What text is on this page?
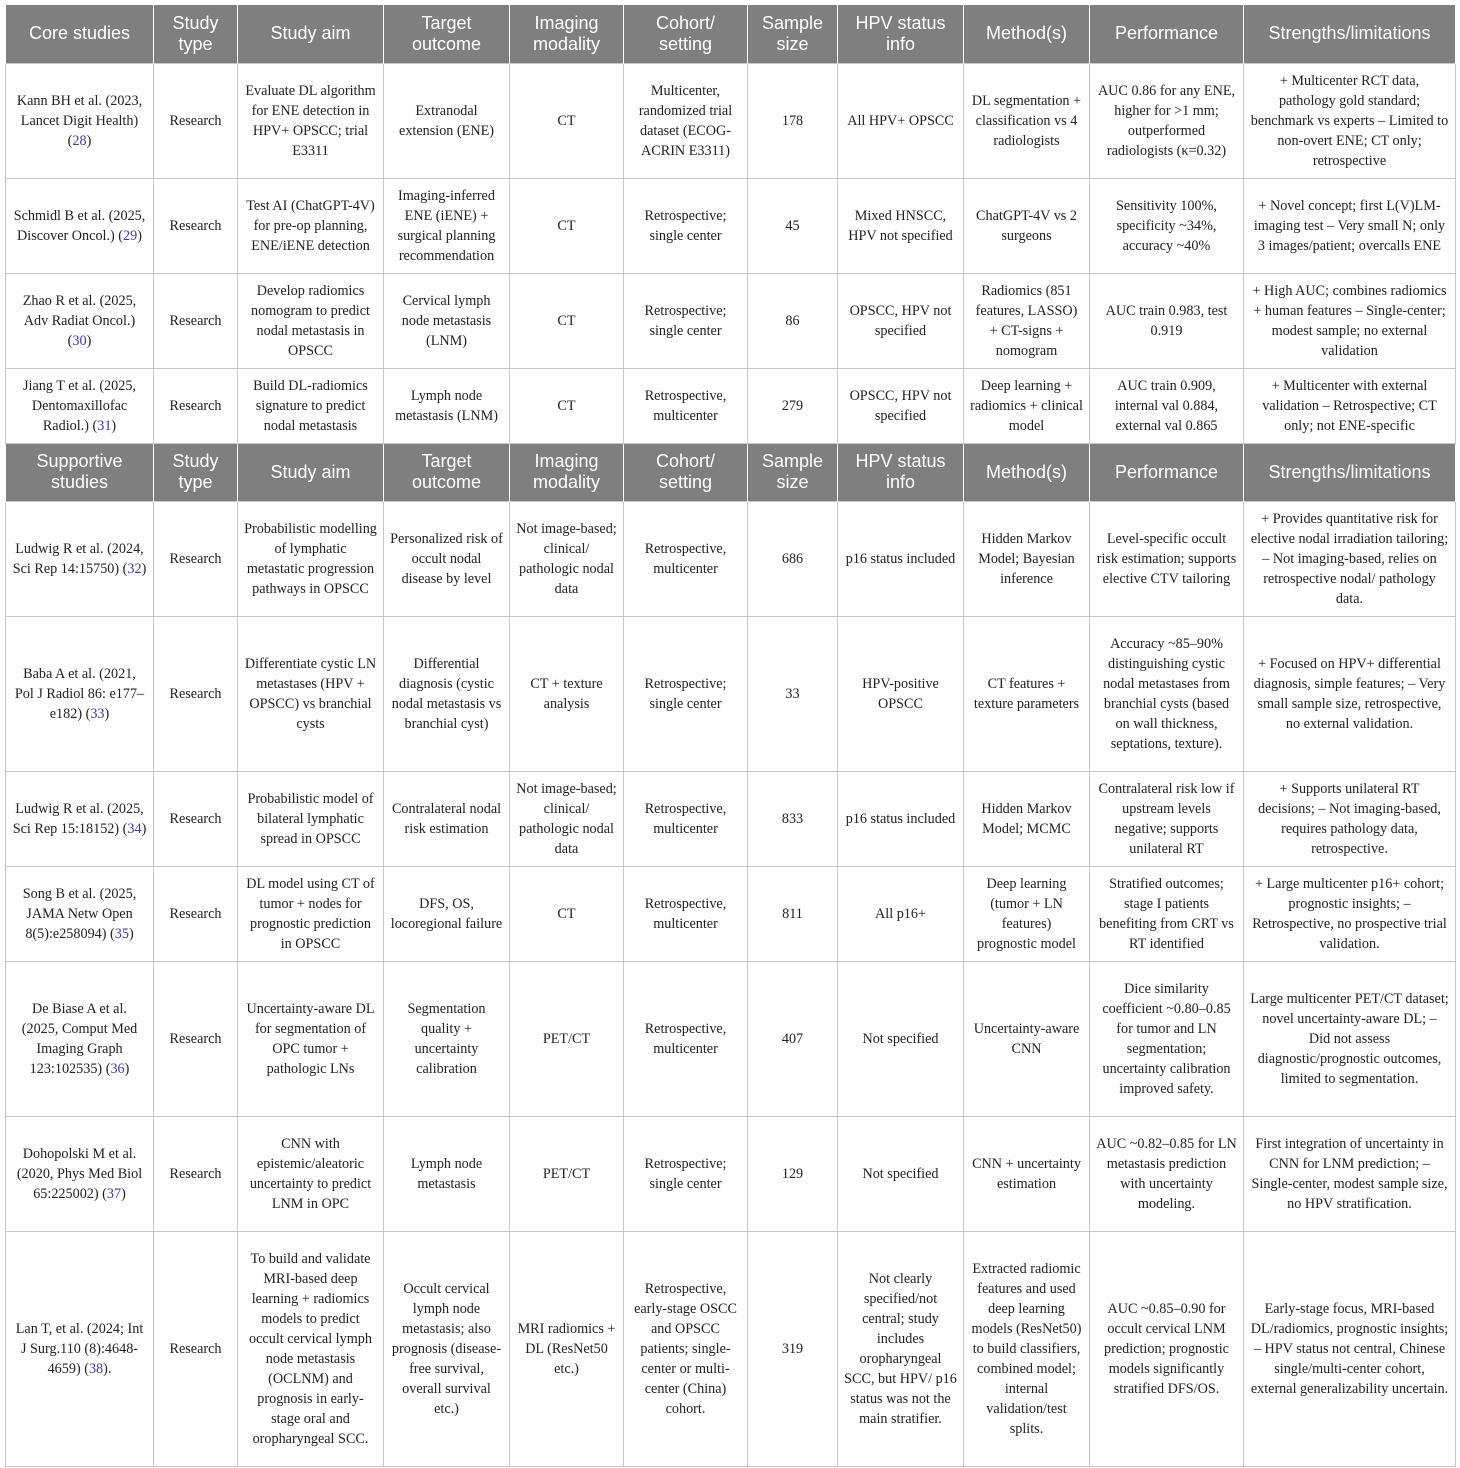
Core studies	Study type	Study aim	Target outcome	Imaging modality	Cohort/ setting	Sample size	HPV status info	Method(s)	Performance	Strengths/limitations
Kann BH et al. (2023, Lancet Digit Health) (28)	Research	Evaluate DL algorithm for ENE detection in HPV+ OPSCC; trial E3311	Extranodal extension (ENE)	CT	Multicenter, randomized trial dataset (ECOG-ACRIN E3311)	178	All HPV+ OPSCC	DL segmentation + classification vs 4 radiologists	AUC 0.86 for any ENE, higher for >1 mm; outperformed radiologists (κ=0.32)	+ Multicenter RCT data, pathology gold standard; benchmark vs experts – Limited to non-overt ENE; CT only; retrospective
Schmidl B et al. (2025, Discover Oncol.) (29)	Research	Test AI (ChatGPT-4V) for pre-op planning, ENE/iENE detection	Imaging-inferred ENE (iENE) + surgical planning recommendation	CT	Retrospective; single center	45	Mixed HNSCC, HPV not specified	ChatGPT-4V vs 2 surgeons	Sensitivity 100%, specificity ~34%, accuracy ~40%	+ Novel concept; first L(V)LM-imaging test – Very small N; only 3 images/patient; overcalls ENE
Zhao R et al. (2025, Adv Radiat Oncol.) (30)	Research	Develop radiomics nomogram to predict nodal metastasis in OPSCC	Cervical lymph node metastasis (LNM)	CT	Retrospective; single center	86	OPSCC, HPV not specified	Radiomics (851 features, LASSO) + CT-signs + nomogram	AUC train 0.983, test 0.919	+ High AUC; combines radiomics + human features – Single-center; modest sample; no external validation
Jiang T et al. (2025, Dentomaxillofac Radiol.) (31)	Research	Build DL-radiomics signature to predict nodal metastasis	Lymph node metastasis (LNM)	CT	Retrospective, multicenter	279	OPSCC, HPV not specified	Deep learning + radiomics + clinical model	AUC train 0.909, internal val 0.884, external val 0.865	+ Multicenter with external validation – Retrospective; CT only; not ENE-specific
Supportive studies	Study type	Study aim	Target outcome	Imaging modality	Cohort/ setting	Sample size	HPV status info	Method(s)	Performance	Strengths/limitations
Ludwig R et al. (2024, Sci Rep 14:15750) (32)	Research	Probabilistic modelling of lymphatic metastatic progression pathways in OPSCC	Personalized risk of occult nodal disease by level	Not image-based; clinical/ pathologic nodal data	Retrospective, multicenter	686	p16 status included	Hidden Markov Model; Bayesian inference	Level-specific occult risk estimation; supports elective CTV tailoring	+ Provides quantitative risk for elective nodal irradiation tailoring; – Not imaging-based, relies on retrospective nodal/ pathology data.
Baba A et al. (2021, Pol J Radiol 86: e177–e182) (33)	Research	Differentiate cystic LN metastases (HPV + OPSCC) vs branchial cysts	Differential diagnosis (cystic nodal metastasis vs branchial cyst)	CT + texture analysis	Retrospective; single center	33	HPV-positive OPSCC	CT features + texture parameters	Accuracy ~85–90% distinguishing cystic nodal metastases from branchial cysts (based on wall thickness, septations, texture).	+ Focused on HPV+ differential diagnosis, simple features; – Very small sample size, retrospective, no external validation.
Ludwig R et al. (2025, Sci Rep 15:18152) (34)	Research	Probabilistic model of bilateral lymphatic spread in OPSCC	Contralateral nodal risk estimation	Not image-based; clinical/ pathologic nodal data	Retrospective, multicenter	833	p16 status included	Hidden Markov Model; MCMC	Contralateral risk low if upstream levels negative; supports unilateral RT	+ Supports unilateral RT decisions; – Not imaging-based, requires pathology data, retrospective.
Song B et al. (2025, JAMA Netw Open 8(5):e258094) (35)	Research	DL model using CT of tumor + nodes for prognostic prediction in OPSCC	DFS, OS, locoregional failure	CT	Retrospective, multicenter	811	All p16+	Deep learning (tumor + LN features) prognostic model	Stratified outcomes; stage I patients benefiting from CRT vs RT identified	+ Large multicenter p16+ cohort; prognostic insights; – Retrospective, no prospective trial validation.
De Biase A et al. (2025, Comput Med Imaging Graph 123:102535) (36)	Research	Uncertainty-aware DL for segmentation of OPC tumor + pathologic LNs	Segmentation quality + uncertainty calibration	PET/CT	Retrospective, multicenter	407	Not specified	Uncertainty-aware CNN	Dice similarity coefficient ~0.80–0.85 for tumor and LN segmentation; uncertainty calibration improved safety.	Large multicenter PET/CT dataset; novel uncertainty-aware DL; – Did not assess diagnostic/prognostic outcomes, limited to segmentation.
Dohopolski M et al. (2020, Phys Med Biol 65:225002) (37)	Research	CNN with epistemic/aleatoric uncertainty to predict LNM in OPC	Lymph node metastasis	PET/CT	Retrospective; single center	129	Not specified	CNN + uncertainty estimation	AUC ~0.82–0.85 for LN metastasis prediction with uncertainty modeling.	First integration of uncertainty in CNN for LNM prediction; – Single-center, modest sample size, no HPV stratification.
Lan T, et al. (2024; Int J Surg.110 (8):4648-4659) (38).	Research	To build and validate MRI-based deep learning + radiomics models to predict occult cervical lymph node metastasis (OCLNM) and prognosis in early-stage oral and oropharyngeal SCC.	Occult cervical lymph node metastasis; also prognosis (disease-free survival, overall survival etc.)	MRI radiomics + DL (ResNet50 etc.)	Retrospective, early-stage OSCC and OPSCC patients; single-center or multi-center (China) cohort.	319	Not clearly specified/not central; study includes oropharyngeal SCC, but HPV/ p16 status was not the main stratifier.	Extracted radiomic features and used deep learning models (ResNet50) to build classifiers, combined model; internal validation/test splits.	AUC ~0.85–0.90 for occult cervical LNM prediction; prognostic models significantly stratified DFS/OS.	Early-stage focus, MRI-based DL/radiomics, prognostic insights; – HPV status not central, Chinese single/multi-center cohort, external generalizability uncertain.
